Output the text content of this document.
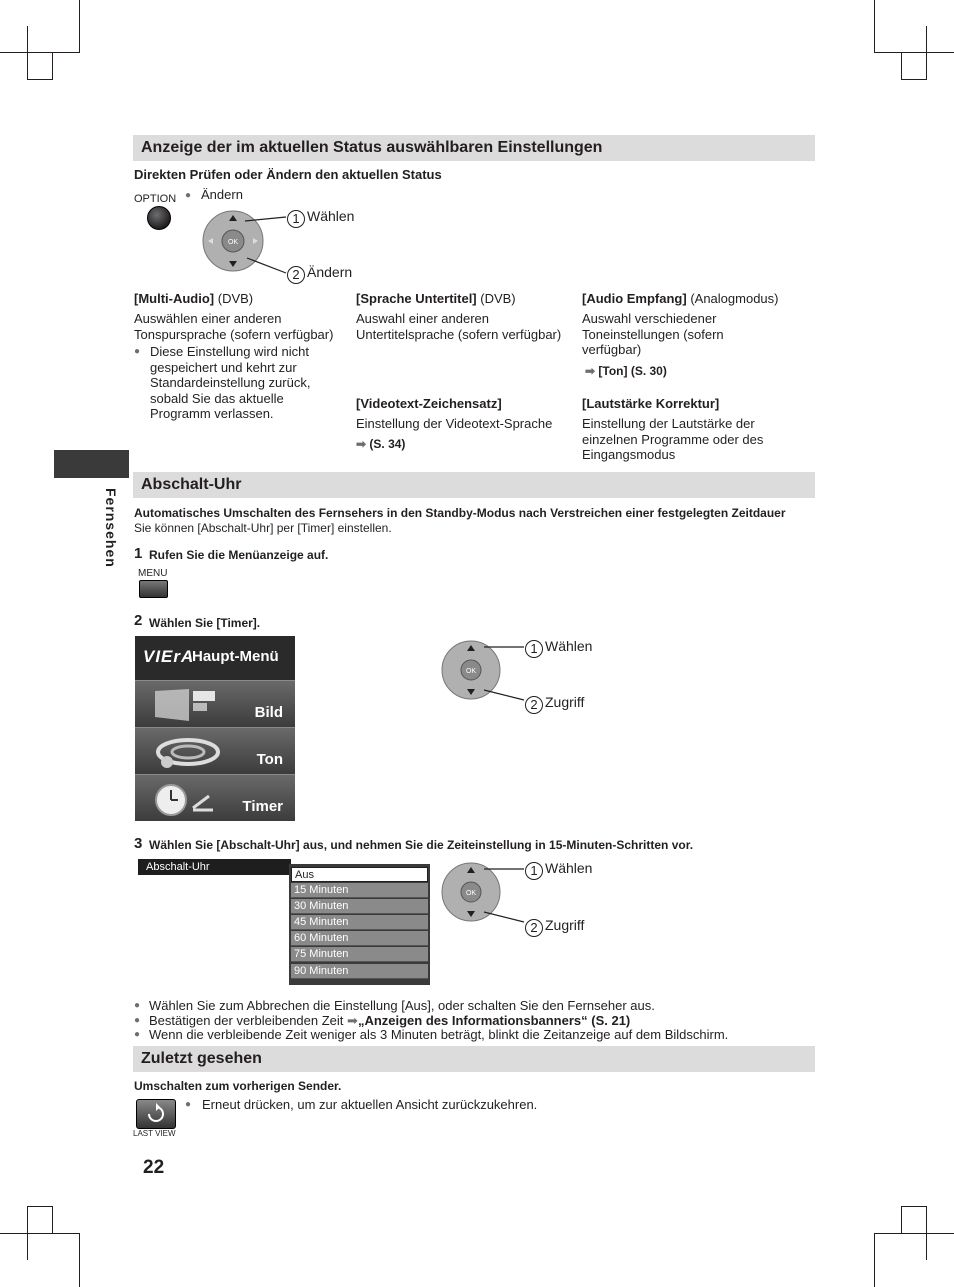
Fernsehen
Anzeige der im aktuellen Status auswählbaren Einstellungen
Direkten Prüfen oder Ändern den aktuellen Status
OPTION ● Ändern
OK
1 Wählen
2 Ändern
[Multi-Audio] (DVB)
Auswählen einer anderen Tonspursprache (sofern verfügbar)
● Diese Einstellung wird nicht gespeichert und kehrt zur Standardeinstellung zurück, sobald Sie das aktuelle Programm verlassen.
[Sprache Untertitel] (DVB)
Auswahl einer anderen Untertitelsprache (sofern verfügbar)
[Audio Empfang] (Analogmodus)
Auswahl verschiedener Toneinstellungen (sofern verfügbar)
➡ [Ton] (S. 30)
[Videotext-Zeichensatz]
Einstellung der Videotext-Sprache
➡ (S. 34)
[Lautstärke Korrektur]
Einstellung der Lautstärke der einzelnen Programme oder des Eingangsmodus
Abschalt-Uhr
Automatisches Umschalten des Fernsehers in den Standby-Modus nach Verstreichen einer festgelegten Zeitdauer
Sie können [Abschalt-Uhr] per [Timer] einstellen.
1 Rufen Sie die Menüanzeige auf.
MENU
2 Wählen Sie [Timer].
VIErA
Haupt-Menü
Bild
Ton
Timer
OK
1 Wählen
2 Zugriff
3 Wählen Sie [Abschalt-Uhr] aus, und nehmen Sie die Zeiteinstellung in 15-Minuten-Schritten vor.
Abschalt-Uhr
Aus
15 Minuten
30 Minuten
45 Minuten
60 Minuten
75 Minuten
90 Minuten
OK
1 Wählen
2 Zugriff
● Wählen Sie zum Abbrechen die Einstellung [Aus], oder schalten Sie den Fernseher aus.
● Bestätigen der verbleibenden Zeit ➡„Anzeigen des Informationsbanners“ (S. 21)
● Wenn die verbleibende Zeit weniger als 3 Minuten beträgt, blinkt die Zeitanzeige auf dem Bildschirm.
Zuletzt gesehen
Umschalten zum vorherigen Sender.
LAST VIEW
● Erneut drücken, um zur aktuellen Ansicht zurückzukehren.
22
